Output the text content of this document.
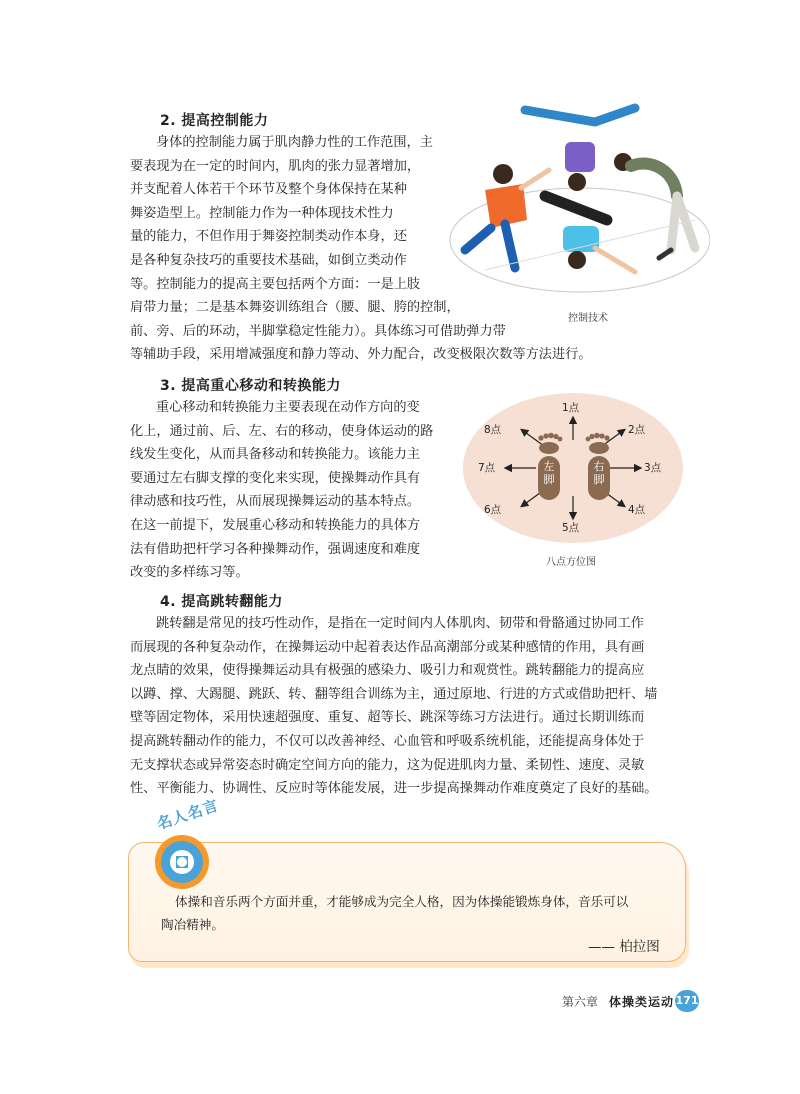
2. 提高控制能力
身体的控制能力属于肌肉静力性的工作范围，主
要表现为在一定的时间内，肌肉的张力显著增加，
并支配着人体若干个环节及整个身体保持在某种
舞姿造型上。控制能力作为一种体现技术性力
量的能力，不但作用于舞姿控制类动作本身，还
是各种复杂技巧的重要技术基础，如倒立类动作
等。控制能力的提高主要包括两个方面：一是上肢
肩带力量；二是基本舞姿训练组合（腰、腿、胯的控制，
前、旁、后的环动，半脚掌稳定性能力）。具体练习可借助弹力带
等辅助手段，采用增减强度和静力等动、外力配合，改变极限次数等方法进行。
控制技术
3. 提高重心移动和转换能力
重心移动和转换能力主要表现在动作方向的变
化上，通过前、后、左、右的移动，使身体运动的路
线发生变化，从而具备移动和转换能力。该能力主
要通过左右脚支撑的变化来实现，使操舞动作具有
律动感和技巧性，从而展现操舞运动的基本特点。
在这一前提下，发展重心移动和转换能力的具体方
法有借助把杆学习各种操舞动作，强调速度和难度
改变的多样练习等。
左脚
右脚
1点
2点
3点
4点
5点
6点
7点
8点
八点方位图
4. 提高跳转翻能力
跳转翻是常见的技巧性动作，是指在一定时间内人体肌肉、韧带和骨骼通过协同工作
而展现的各种复杂动作，在操舞运动中起着表达作品高潮部分或某种感情的作用，具有画
龙点睛的效果，使得操舞运动具有极强的感染力、吸引力和观赏性。跳转翻能力的提高应
以蹲、撑、大踢腿、跳跃、转、翻等组合训练为主，通过原地、行进的方式或借助把杆、墙
壁等固定物体，采用快速超强度、重复、超等长、跳深等练习方法进行。通过长期训练而
提高跳转翻动作的能力，不仅可以改善神经、心血管和呼吸系统机能，还能提高身体处于
无支撑状态或异常姿态时确定空间方向的能力，这为促进肌肉力量、柔韧性、速度、灵敏
性、平衡能力、协调性、反应时等体能发展，进一步提高操舞动作难度奠定了良好的基础。
名人名言
体操和音乐两个方面并重，才能够成为完全人格，因为体操能锻炼身体，音乐可以
陶冶精神。
—— 柏拉图
第六章 体操类运动 171
